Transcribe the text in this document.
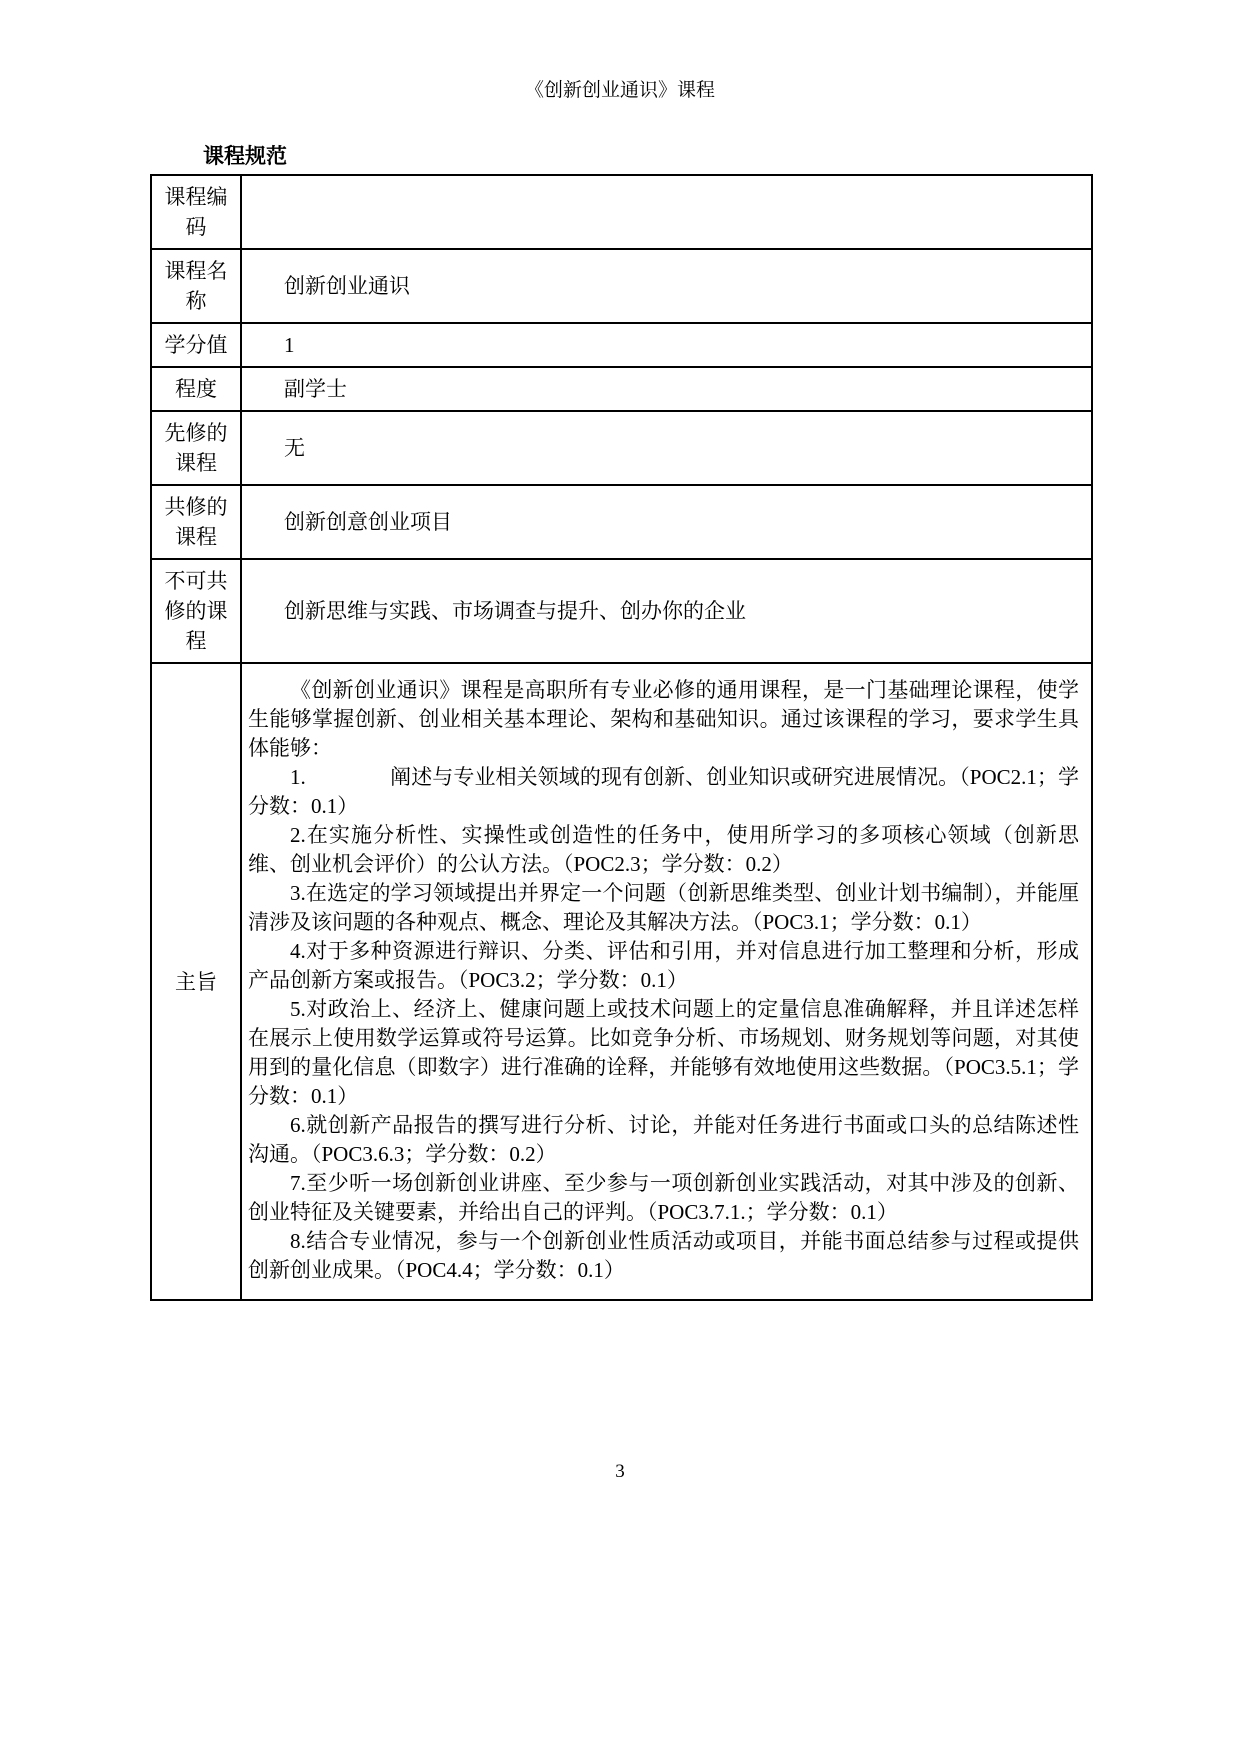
《创新创业通识》课程
课程规范
课程编码	
课程名称	创新创业通识
学分值	1
程度	副学士
先修的课程	无
共修的课程	创新创意创业项目
不可共修的课程	创新思维与实践、市场调查与提升、创办你的企业
主旨	

《创新创业通识》课程是高职所有专业必修的通用课程，是一门基础理论课程，使学生能够掌握创新、创业相关基本理论、架构和基础知识。通过该课程的学习，要求学生具体能够：

1.　　　　阐述与专业相关领域的现有创新、创业知识或研究进展情况。（POC2.1；学分数：0.1）

2.在实施分析性、实操性或创造性的任务中，使用所学习的多项核心领域（创新思维、创业机会评价）的公认方法。（POC2.3；学分数：0.2）

3.在选定的学习领域提出并界定一个问题（创新思维类型、创业计划书编制），并能厘清涉及该问题的各种观点、概念、理论及其解决方法。（POC3.1；学分数：0.1）

4.对于多种资源进行辩识、分类、评估和引用，并对信息进行加工整理和分析，形成产品创新方案或报告。（POC3.2；学分数：0.1）

5.对政治上、经济上、健康问题上或技术问题上的定量信息准确解释，并且详述怎样在展示上使用数学运算或符号运算。比如竞争分析、市场规划、财务规划等问题，对其使用到的量化信息（即数字）进行准确的诠释，并能够有效地使用这些数据。（POC3.5.1；学分数：0.1）

6.就创新产品报告的撰写进行分析、讨论，并能对任务进行书面或口头的总结陈述性沟通。（POC3.6.3；学分数：0.2）

7.至少听一场创新创业讲座、至少参与一项创新创业实践活动，对其中涉及的创新、创业特征及关键要素，并给出自己的评判。（POC3.7.1.；学分数：0.1）

8.结合专业情况，参与一个创新创业性质活动或项目，并能书面总结参与过程或提供创新创业成果。（POC4.4；学分数：0.1）

3
